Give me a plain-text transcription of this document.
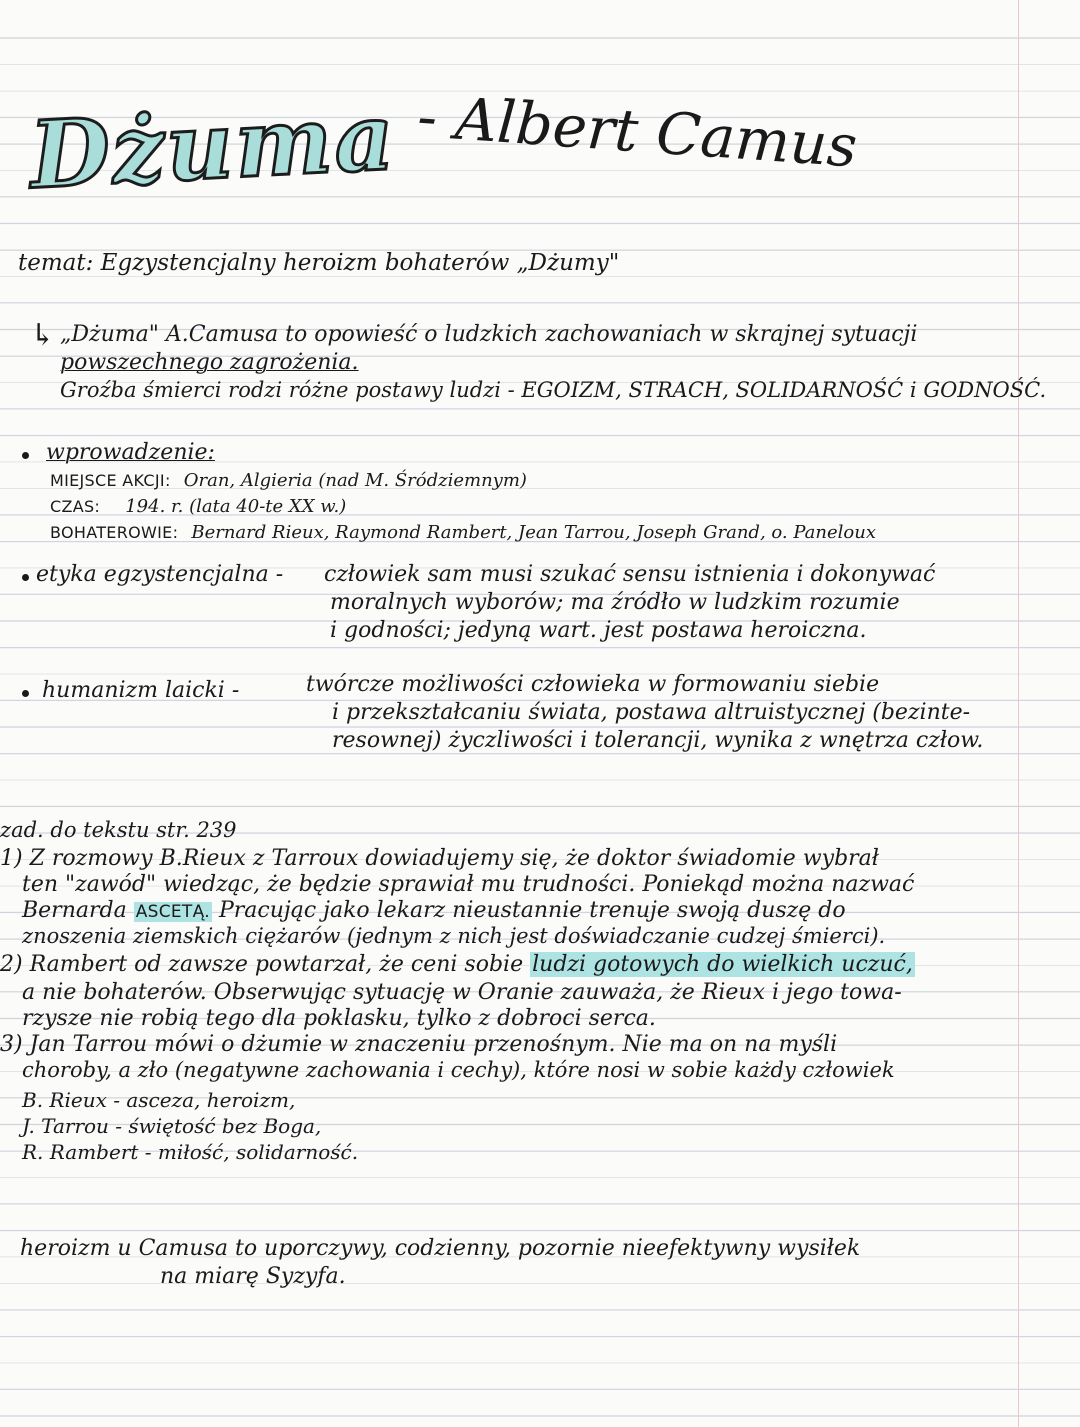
Dżuma - Albert Camus
temat: Egzystencjalny heroizm bohaterów „Dżumy"
↳ „Dżuma" A.Camusa to opowieść o ludzkich zachowaniach w skrajnej sytuacji
powszechnego zagrożenia.
Groźba śmierci rodzi różne postawy ludzi - EGOIZM, STRACH, SOLIDARNOŚĆ i GODNOŚĆ.
wprowadzenie:
MIEJSCE AKCJI: Oran, Algieria (nad M. Śródziemnym)
CZAS: 194. r. (lata 40-te XX w.)
BOHATEROWIE: Bernard Rieux, Raymond Rambert, Jean Tarrou, Joseph Grand, o. Paneloux
etyka egzystencjalna - człowiek sam musi szukać sensu istnienia i dokonywać
moralnych wyborów; ma źródło w ludzkim rozumie
i godności; jedyną wart. jest postawa heroiczna.
humanizm laicki -	twórcze możliwości człowieka w formowaniu siebie
i przekształcaniu świata, postawa altruistycznej (bezinte-
resownej) życzliwości i tolerancji, wynika z wnętrza człow.
zad. do tekstu str. 239
1) Z rozmowy B.Rieux z Tarroux dowiadujemy się, że doktor świadomie wybrał
ten "zawód" wiedząc, że będzie sprawiał mu trudności. Poniekąd można nazwać
Bernarda ASCETĄ. Pracując jako lekarz nieustannie trenuje swoją duszę do
znoszenia ziemskich ciężarów (jednym z nich jest doświadczanie cudzej śmierci).
2) Rambert od zawsze powtarzał, że ceni sobie ludzi gotowych do wielkich uczuć,
a nie bohaterów. Obserwując sytuację w Oranie zauważa, że Rieux i jego towa-
rzysze nie robią tego dla poklasku, tylko z dobroci serca.
3) Jan Tarrou mówi o dżumie w znaczeniu przenośnym. Nie ma on na myśli
choroby, a zło (negatywne zachowania i cechy), które nosi w sobie każdy człowiek
B. Rieux - asceza, heroizm,
J. Tarrou - świętość bez Boga,
R. Rambert - miłość, solidarność.
heroizm u Camusa to uporczywy, codzienny, pozornie nieefektywny wysiłek
na miarę Syzyfa.
